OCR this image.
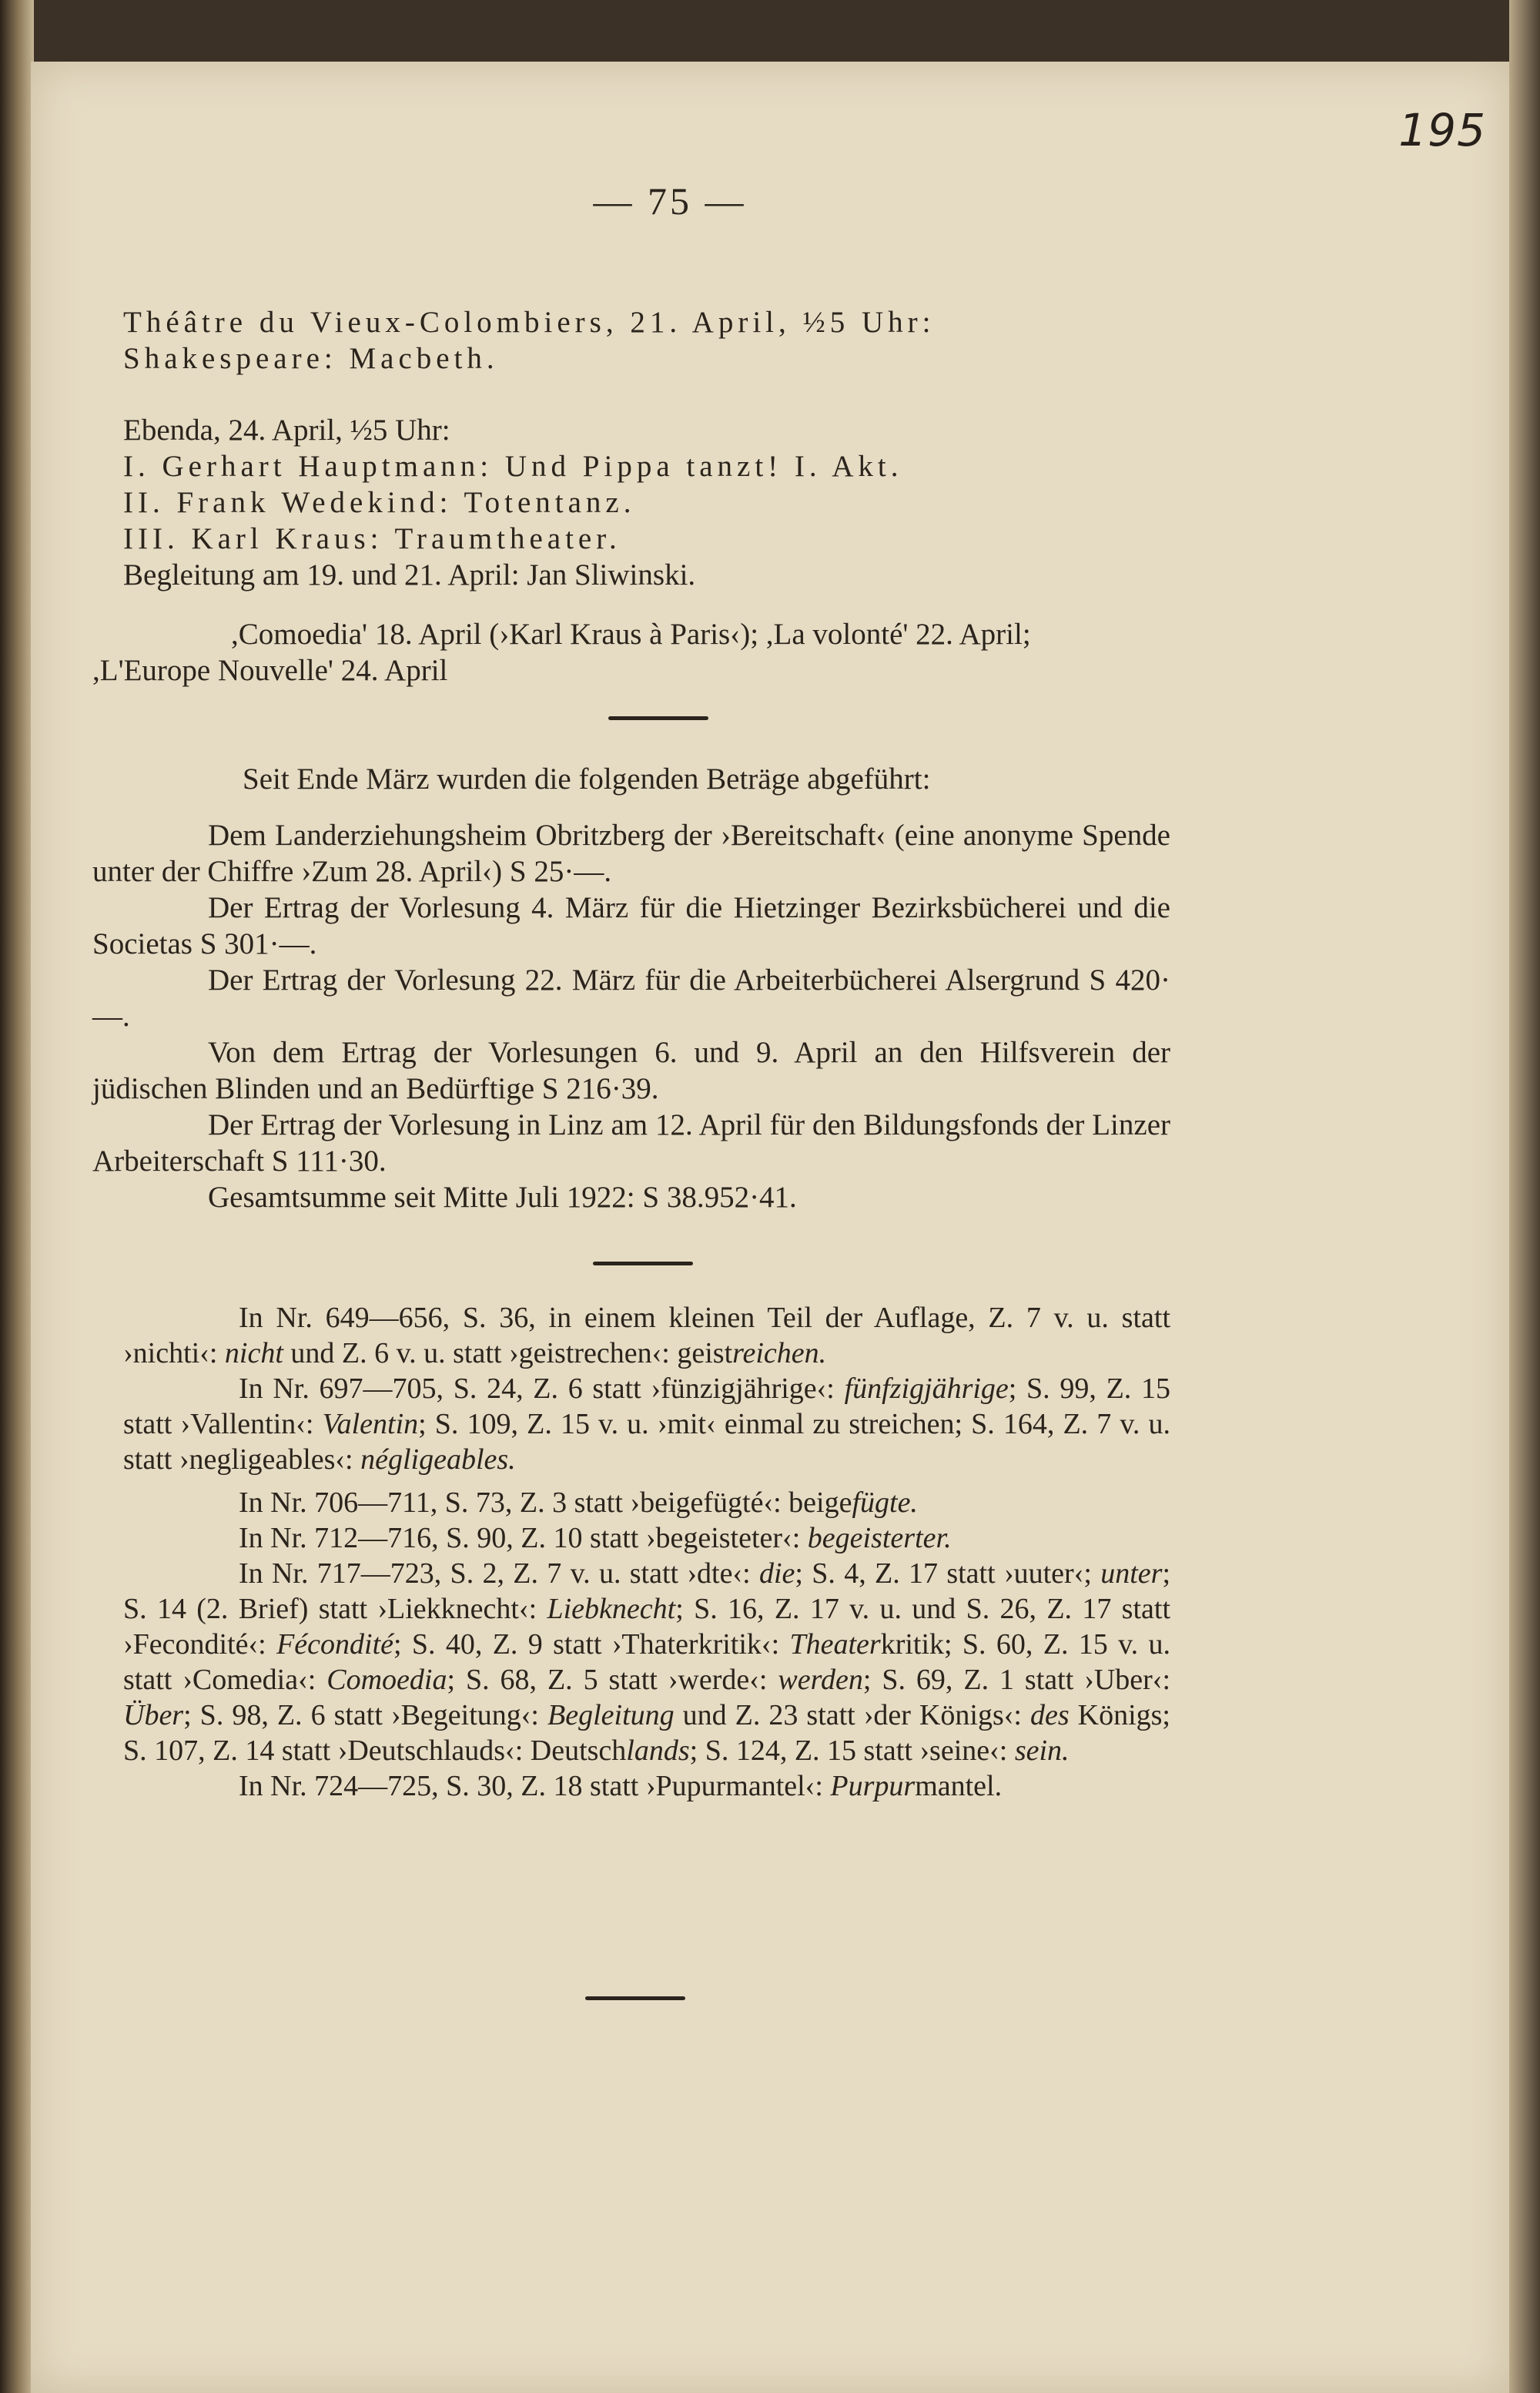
195
— 75 —

Théâtre du Vieux-Colombiers, 21. April, ½5 Uhr:

Shakespeare: Macbeth.

Ebenda, 24. April, ½5 Uhr:

I. Gerhart Hauptmann: Und Pippa tanzt! I. Akt.

II. Frank Wedekind: Totentanz.

III. Karl Kraus: Traumtheater.

Begleitung am 19. und 21. April: Jan Sliwinski.

,Comoedia' 18. April (›Karl Kraus à Paris‹); ,La volonté' 22. April;

,L'Europe Nouvelle' 24. April

Seit Ende März wurden die folgenden Beträge abgeführt:

Dem Landerziehungsheim Obritzberg der ›Bereitschaft‹ (eine anonyme Spende unter der Chiffre ›Zum 28. April‹) S 25·—.

Der Ertrag der Vorlesung 4. März für die Hietzinger Bezirksbücherei und die Societas S 301·—.

Der Ertrag der Vorlesung 22. März für die Arbeiterbücherei Alsergrund S 420·—.

Von dem Ertrag der Vorlesungen 6. und 9. April an den Hilfsverein der jüdischen Blinden und an Bedürftige S 216·39.

Der Ertrag der Vorlesung in Linz am 12. April für den Bildungsfonds der Linzer Arbeiterschaft S 111·30.

Gesamtsumme seit Mitte Juli 1922: S 38.952·41.

In Nr. 649—656, S. 36, in einem kleinen Teil der Auflage, Z. 7 v. u. statt ›nichti‹: nicht und Z. 6 v. u. statt ›geistrechen‹: geistreichen.

In Nr. 697—705, S. 24, Z. 6 statt ›fünzigjährige‹: fünfzigjährige; S. 99, Z. 15 statt ›Vallentin‹: Valentin; S. 109, Z. 15 v. u. ›mit‹ einmal zu streichen; S. 164, Z. 7 v. u. statt ›negligeables‹: négligeables.

In Nr. 706—711, S. 73, Z. 3 statt ›beigefügté‹: beigefügte.

In Nr. 712—716, S. 90, Z. 10 statt ›begeisteter‹: begeisterter.

In Nr. 717—723, S. 2, Z. 7 v. u. statt ›dte‹: die; S. 4, Z. 17 statt ›uuter‹; unter; S. 14 (2. Brief) statt ›Liekknecht‹: Liebknecht; S. 16, Z. 17 v. u. und S. 26, Z. 17 statt ›Fecondité‹: Fécondité; S. 40, Z. 9 statt ›Thaterkritik‹: Theaterkritik; S. 60, Z. 15 v. u. statt ›Comedia‹: Comoedia; S. 68, Z. 5 statt ›werde‹: werden; S. 69, Z. 1 statt ›Uber‹: Über; S. 98, Z. 6 statt ›Begeitung‹: Begleitung und Z. 23 statt ›der Königs‹: des Königs; S. 107, Z. 14 statt ›Deutschlauds‹: Deutschlands; S. 124, Z. 15 statt ›seine‹: sein.

In Nr. 724—725, S. 30, Z. 18 statt ›Pupurmantel‹: Purpurmantel.
